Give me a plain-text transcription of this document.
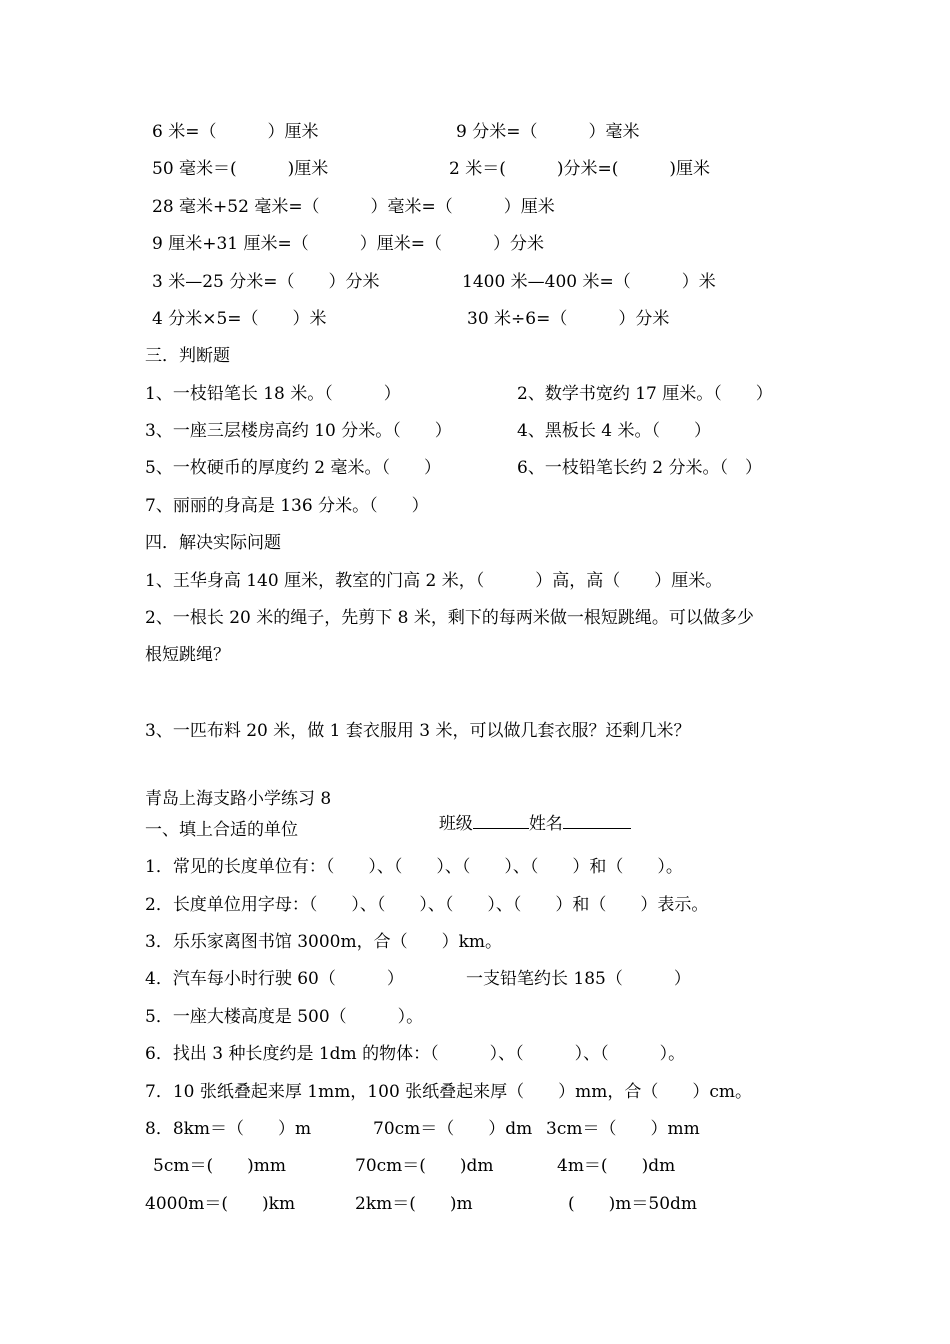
6 米=（　　　）厘米	9 分米=（　　　）毫米
50 毫米＝(　　　)厘米	2 米＝(　　　)分米=(　　　)厘米
28 毫米+52 毫米=（　　　）毫米=（　　　）厘米
9 厘米+31 厘米=（　　　）厘米=（　　　）分米
3 米—25 分米=（　　）分米	1400 米—400 米=（　　　）米
4 分米×5=（　　）米	30 米÷6=（　　　）分米
三．判断题
1、一枝铅笔长 18 米。（　　　）	2、数学书宽约 17 厘米。（　　）
3、一座三层楼房高约 10 分米。（　　）	4、黑板长 4 米。（　　）
5、一枚硬币的厚度约 2 毫米。（　　）	6、一枝铅笔长约 2 分米。（　）
7、丽丽的身高是 136 分米。（　　）
四．解决实际问题
1、王华身高 140 厘米，教室的门高 2 米，（　　　）高，高（　　）厘米。
2、一根长 20 米的绳子，先剪下 8 米，剩下的每两米做一根短跳绳。可以做多少
根短跳绳？
3、一匹布料 20 米，做 1 套衣服用 3 米，可以做几套衣服？还剩几米？
青岛上海支路小学练习 8

班级	姓名

一、填上合适的单位
1．常见的长度单位有：（　　）、（　　）、（　　）、（　　）和（　　）。
2．长度单位用字母：（　　）、（　　）、（　　）、（　　）和（　　）表示。
3．乐乐家离图书馆 3000m，合（　　）km。
4．汽车每小时行驶 60（　　　）	一支铅笔约长 185（　　　）
5．一座大楼高度是 500（　　　）。
6．找出 3 种长度约是 1dm 的物体：（　　　）、（　　　）、（　　　）。
7．10 张纸叠起来厚 1mm，100 张纸叠起来厚（　　）mm，合（　　）cm。
8．8km＝（　　）m	70cm＝（　　）dm 3cm＝（　　）mm
5cm＝(　　)mm	70cm＝(　　)dm	4m＝(　　)dm
4000m＝(　　)km	2km＝(　　)m	(　　)m＝50dm
